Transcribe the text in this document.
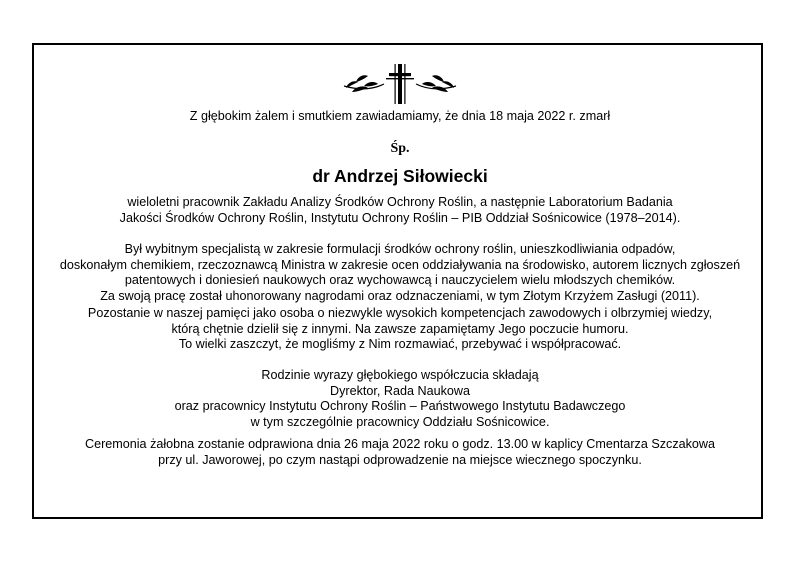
Z głębokim żalem i smutkiem zawiadamiamy, że dnia 18 maja 2022 r. zmarł
Śp.
dr Andrzej Siłowiecki
wieloletni pracownik Zakładu Analizy Środków Ochrony Roślin, a następnie Laboratorium Badania
Jakości Środków Ochrony Roślin, Instytutu Ochrony Roślin – PIB Oddział Sośnicowice (1978–2014).
Był wybitnym specjalistą w zakresie formulacji środków ochrony roślin, unieszkodliwiania odpadów,
doskonałym chemikiem, rzeczoznawcą Ministra w zakresie ocen oddziaływania na środowisko, autorem licznych zgłoszeń
patentowych i doniesień naukowych oraz wychowawcą i nauczycielem wielu młodszych chemików.
Za swoją pracę został uhonorowany nagrodami oraz odznaczeniami, w tym Złotym Krzyżem Zasługi (2011).
Pozostanie w naszej pamięci jako osoba o niezwykle wysokich kompetencjach zawodowych i olbrzymiej wiedzy,
którą chętnie dzielił się z innymi. Na zawsze zapamiętamy Jego poczucie humoru.
To wielki zaszczyt, że mogliśmy z Nim rozmawiać, przebywać i współpracować.
Rodzinie wyrazy głębokiego współczucia składają
Dyrektor, Rada Naukowa
oraz pracownicy Instytutu Ochrony Roślin – Państwowego Instytutu Badawczego
w tym szczególnie pracownicy Oddziału Sośnicowice.
Ceremonia żałobna zostanie odprawiona dnia 26 maja 2022 roku o godz. 13.00 w kaplicy Cmentarza Szczakowa
przy ul. Jaworowej, po czym nastąpi odprowadzenie na miejsce wiecznego spoczynku.
